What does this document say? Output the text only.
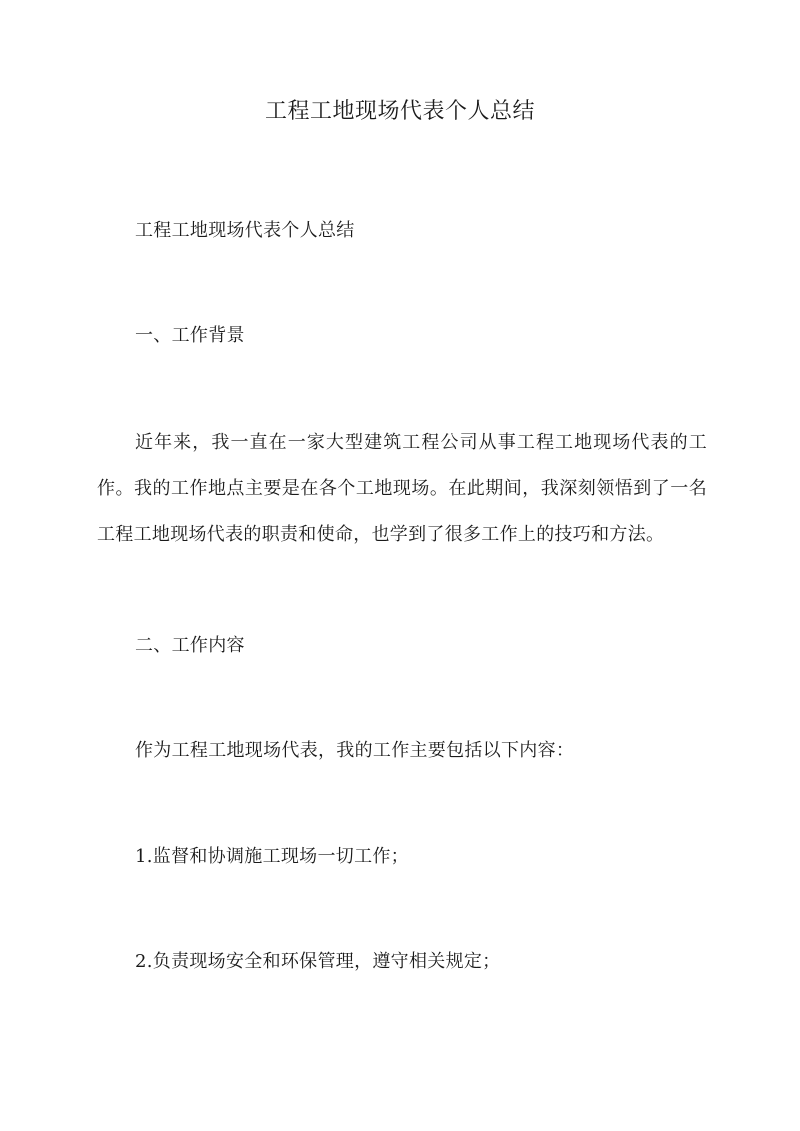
工程工地现场代表个人总结

工程工地现场代表个人总结

一、工作背景

近年来，我一直在一家大型建筑工程公司从事工程工地现场代表的工作。我的工作地点主要是在各个工地现场。在此期间，我深刻领悟到了一名工程工地现场代表的职责和使命，也学到了很多工作上的技巧和方法。

二、工作内容

作为工程工地现场代表，我的工作主要包括以下内容：

1.监督和协调施工现场一切工作；

2.负责现场安全和环保管理，遵守相关规定；
